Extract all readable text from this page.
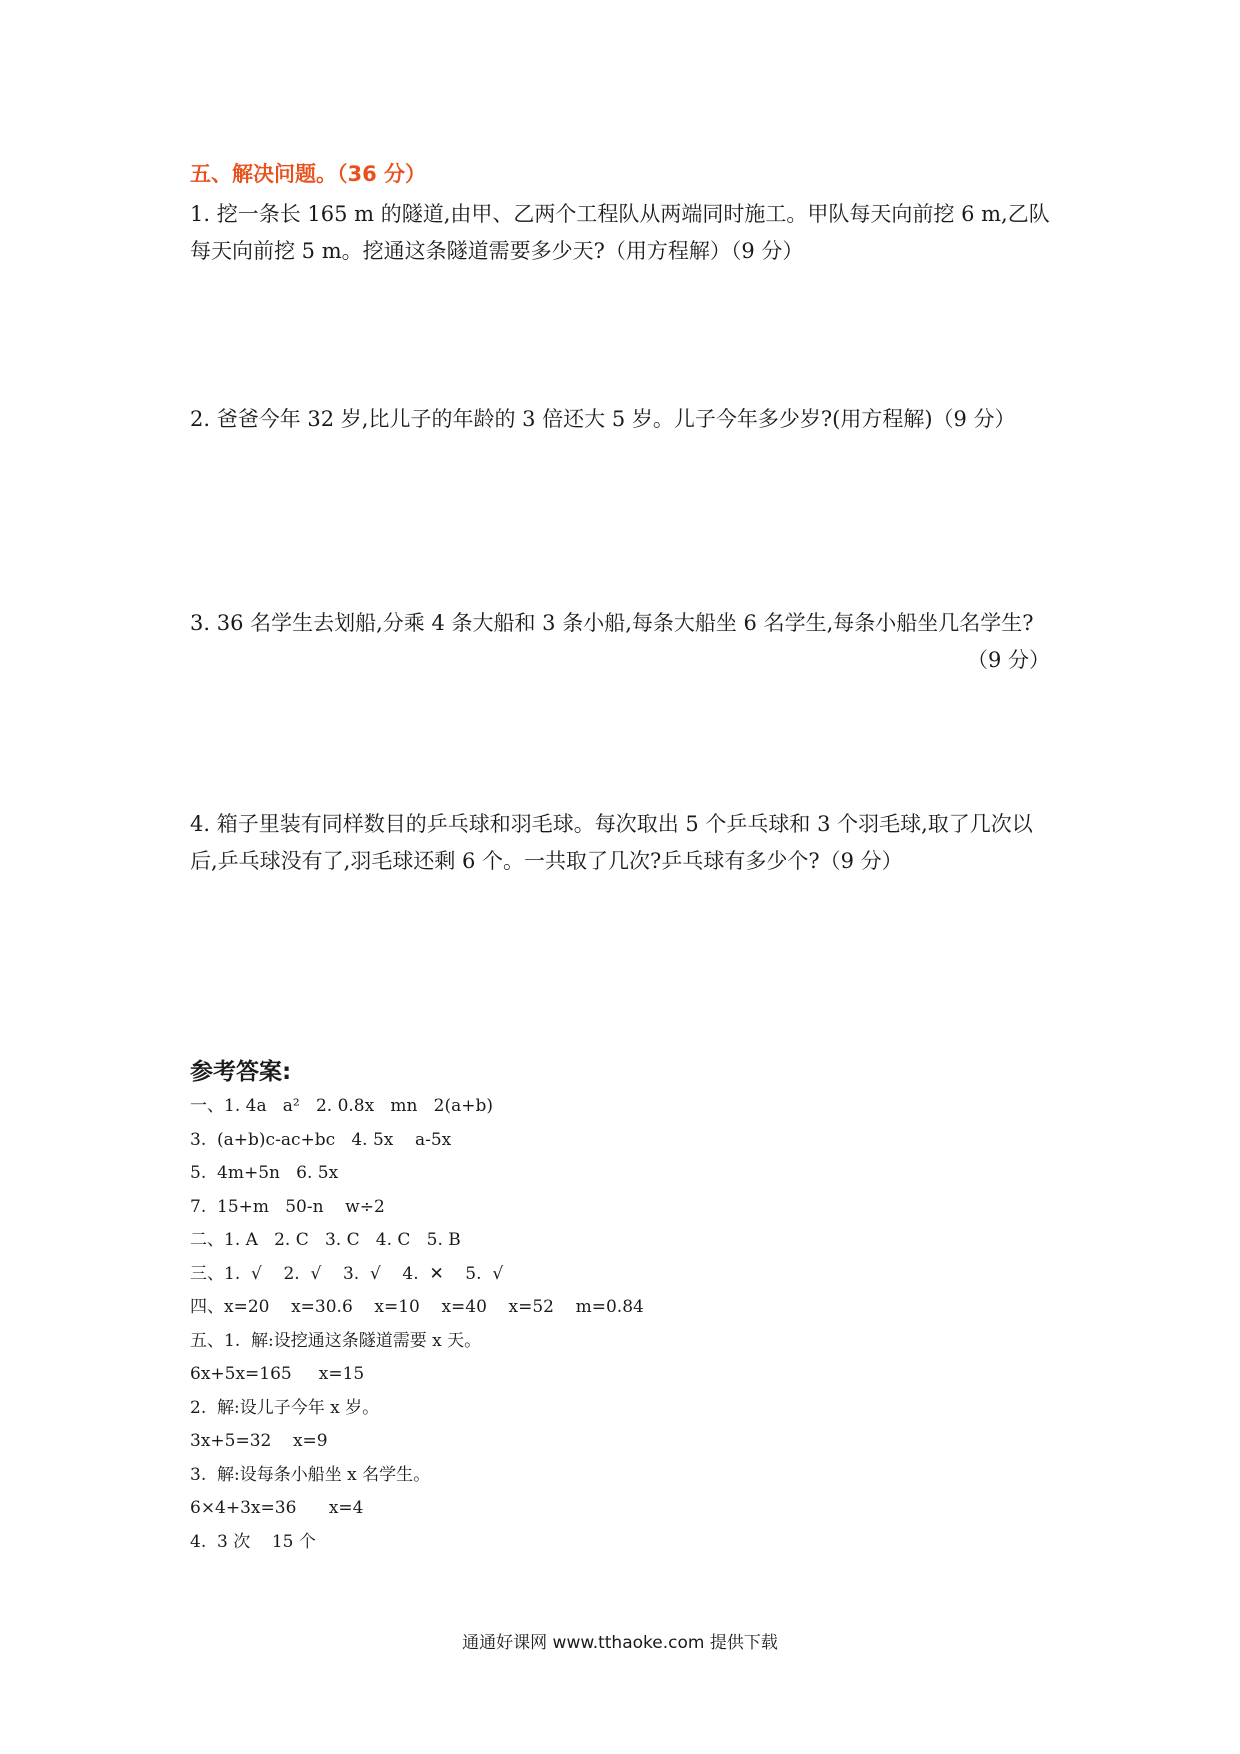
五、解决问题。（36 分）

1. 挖一条长 165 m 的隧道,由甲、乙两个工程队从两端同时施工。甲队每天向前挖 6 m,乙队

每天向前挖 5 m。挖通这条隧道需要多少天?（用方程解）（9 分）

2. 爸爸今年 32 岁,比儿子的年龄的 3 倍还大 5 岁。儿子今年多少岁?(用方程解)（9 分）

3. 36 名学生去划船,分乘 4 条大船和 3 条小船,每条大船坐 6 名学生,每条小船坐几名学生?

（9 分）

4. 箱子里装有同样数目的乒乓球和羽毛球。每次取出 5 个乒乓球和 3 个羽毛球,取了几次以

后,乒乓球没有了,羽毛球还剩 6 个。一共取了几次?乒乓球有多少个?（9 分）

参考答案:
一、1. 4a   a²   2. 0.8x   mn   2(a+b)
3.  (a+b)c-ac+bc   4. 5x    a-5x
5.  4m+5n   6. 5x
7.  15+m   50-n    w÷2
二、1. A   2. C   3. C   4. C   5. B
三、1.  √    2.  √    3.  √    4.  ✕    5.  √
四、x=20    x=30.6    x=10    x=40    x=52    m=0.84
五、1.  解:设挖通这条隧道需要 x 天。
6x+5x=165     x=15
2.  解:设儿子今年 x 岁。
3x+5=32    x=9
3.  解:设每条小船坐 x 名学生。
6×4+3x=36      x=4
4.  3 次    15 个
通通好课网 www.tthaoke.com 提供下载
